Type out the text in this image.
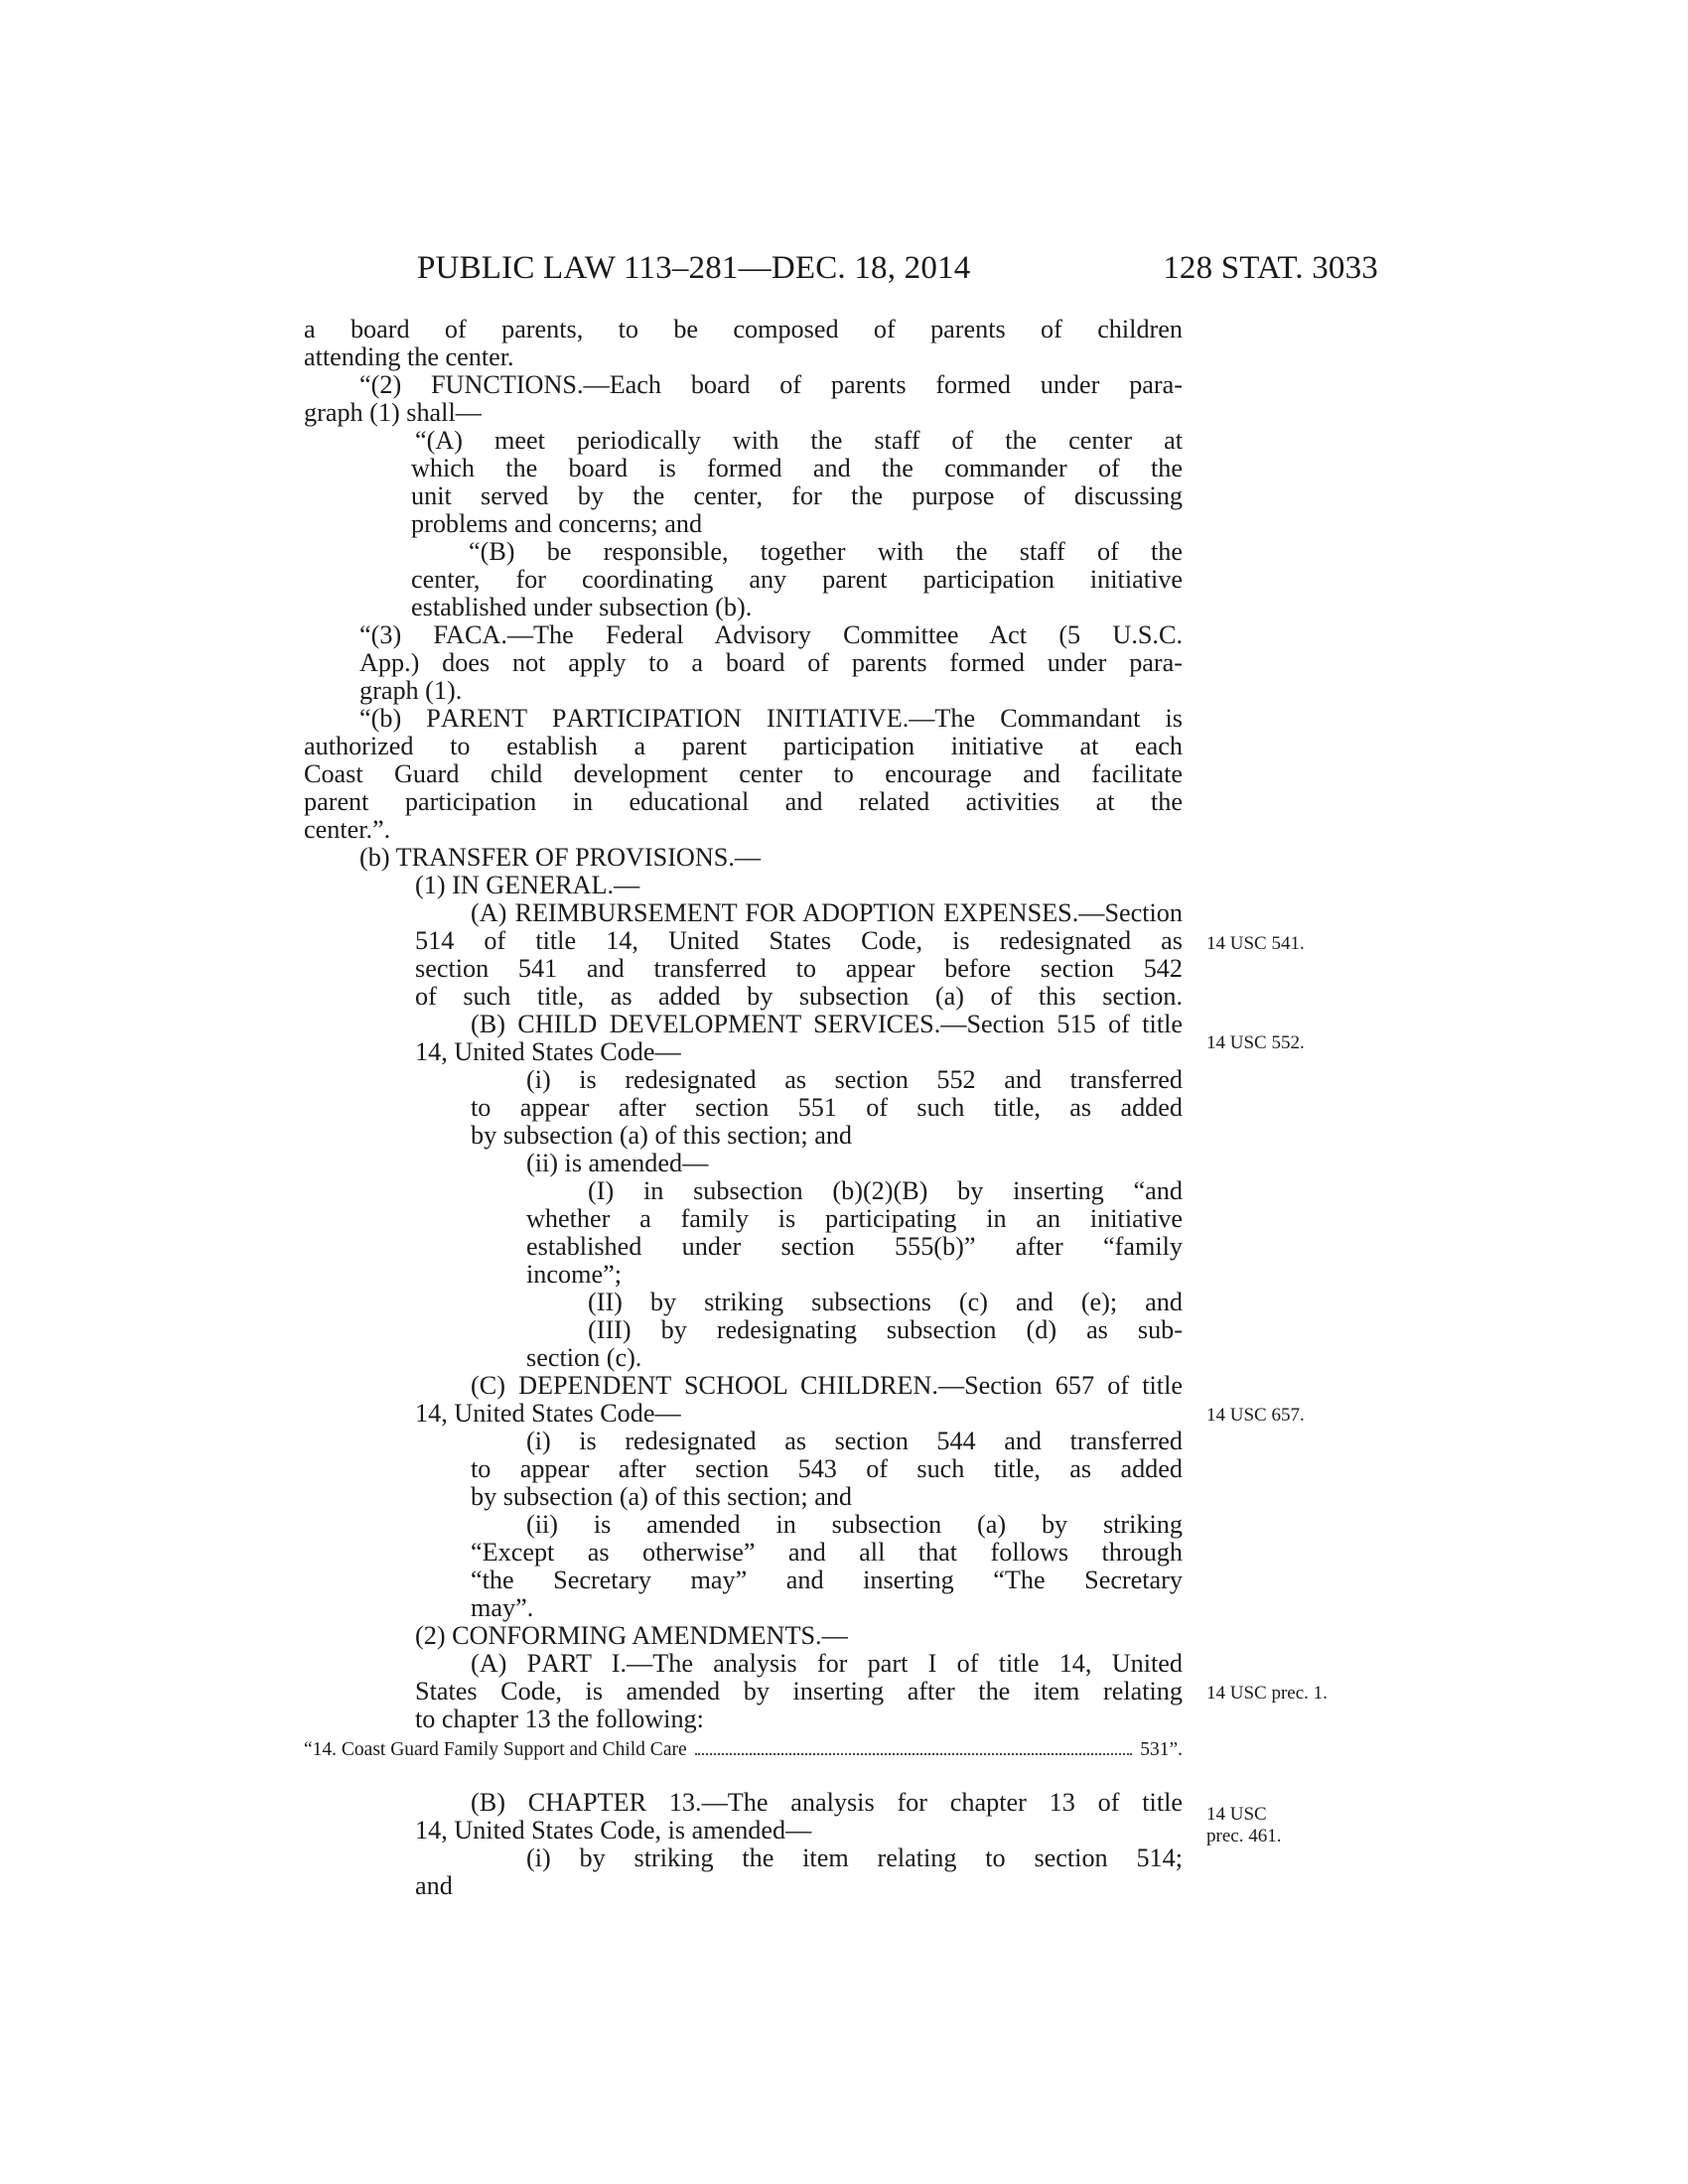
PUBLIC LAW 113–281—DEC. 18, 2014	128 STAT. 3033
a board of parents, to be composed of parents of children
attending the center.
“(2) FUNCTIONS.—Each board of parents formed under para-
graph (1) shall—
“(A) meet periodically with the staff of the center at
which the board is formed and the commander of the
unit served by the center, for the purpose of discussing
problems and concerns; and
“(B) be responsible, together with the staff of the
center, for coordinating any parent participation initiative
established under subsection (b).
“(3) FACA.—The Federal Advisory Committee Act (5 U.S.C.
App.) does not apply to a board of parents formed under para-
graph (1).
“(b) PARENT PARTICIPATION INITIATIVE.—The Commandant is
authorized to establish a parent participation initiative at each
Coast Guard child development center to encourage and facilitate
parent participation in educational and related activities at the
center.”.
(b) TRANSFER OF PROVISIONS.—
(1) IN GENERAL.—
(A) REIMBURSEMENT FOR ADOPTION EXPENSES.—Section
514 of title 14, United States Code, is redesignated as
section 541 and transferred to appear before section 542
of such title, as added by subsection (a) of this section.
(B) CHILD DEVELOPMENT SERVICES.—Section 515 of title
14, United States Code—
(i) is redesignated as section 552 and transferred
to appear after section 551 of such title, as added
by subsection (a) of this section; and
(ii) is amended—
(I) in subsection (b)(2)(B) by inserting “and
whether a family is participating in an initiative
established under section 555(b)” after “family
income”;
(II) by striking subsections (c) and (e); and
(III) by redesignating subsection (d) as sub-
section (c).
(C) DEPENDENT SCHOOL CHILDREN.—Section 657 of title
14, United States Code—
(i) is redesignated as section 544 and transferred
to appear after section 543 of such title, as added
by subsection (a) of this section; and
(ii) is amended in subsection (a) by striking
“Except as otherwise” and all that follows through
“the Secretary may” and inserting “The Secretary
may”.
(2) CONFORMING AMENDMENTS.—
(A) PART I.—The analysis for part I of title 14, United
States Code, is amended by inserting after the item relating
to chapter 13 the following:
(B) CHAPTER 13.—The analysis for chapter 13 of title
14, United States Code, is amended—
(i) by striking the item relating to section 514;
and
“14. Coast Guard Family Support and Child Care	531”.
14 USC 541.
14 USC 552.
14 USC 657.
14 USC prec. 1.
14 USC
prec. 461.
